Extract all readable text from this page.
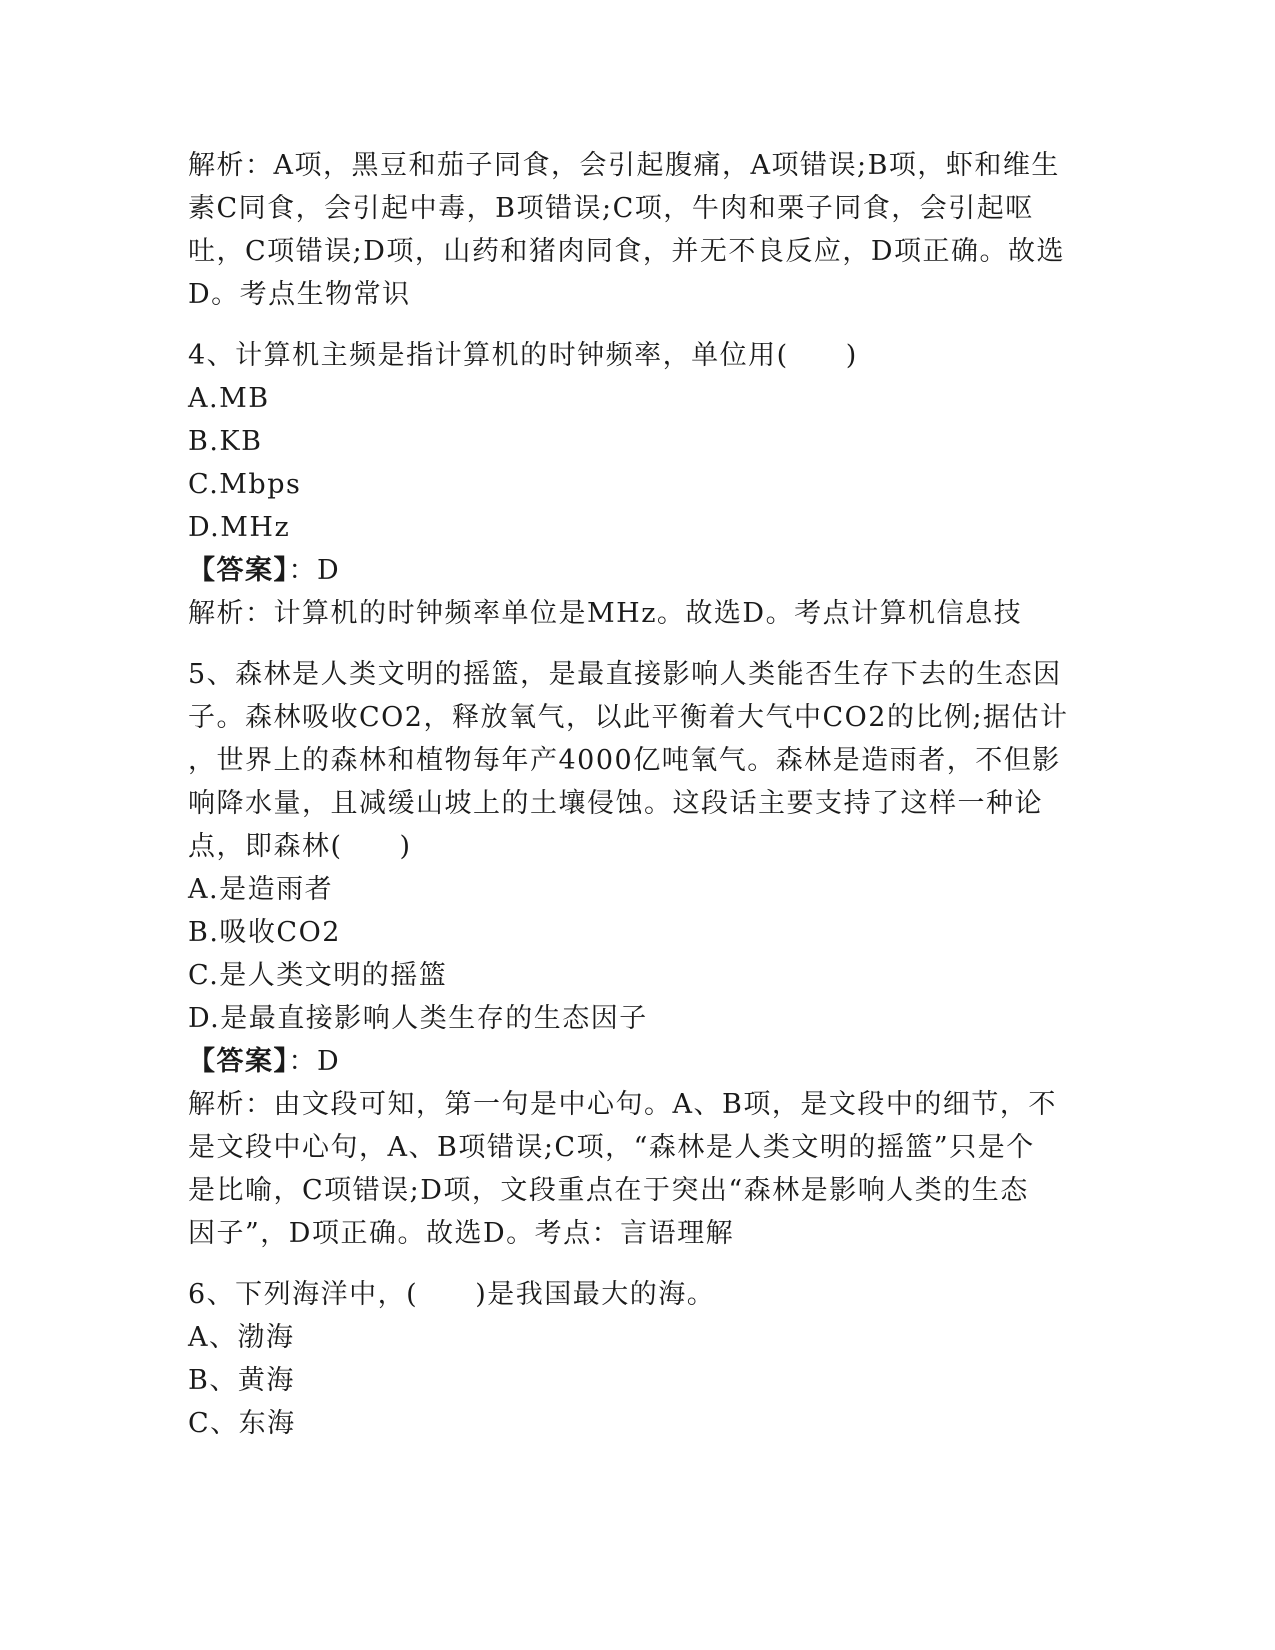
解析：A项，黑豆和茄子同食，会引起腹痛，A项错误;B项，虾和维生
素C同食，会引起中毒，B项错误;C项，牛肉和栗子同食，会引起呕
吐，C项错误;D项，山药和猪肉同食，并无不良反应，D项正确。故选
D。考点生物常识
4、计算机主频是指计算机的时钟频率，单位用(　　)
A.MB
B.KB
C.Mbps
D.MHz
【答案】：D
解析：计算机的时钟频率单位是MHz。故选D。考点计算机信息技
5、森林是人类文明的摇篮，是最直接影响人类能否生存下去的生态因
子。森林吸收CO2，释放氧气，以此平衡着大气中CO2的比例;据估计
，世界上的森林和植物每年产4000亿吨氧气。森林是造雨者，不但影
响降水量，且减缓山坡上的土壤侵蚀。这段话主要支持了这样一种论
点，即森林(　　)
A.是造雨者
B.吸收CO2
C.是人类文明的摇篮
D.是最直接影响人类生存的生态因子
【答案】：D
解析：由文段可知，第一句是中心句。A、B项，是文段中的细节，不
是文段中心句，A、B项错误;C项，“森林是人类文明的摇篮”只是个
是比喻，C项错误;D项，文段重点在于突出“森林是影响人类的生态
因子”，D项正确。故选D。考点：言语理解
6、下列海洋中，(　　)是我国最大的海。
A、渤海
B、黄海
C、东海
